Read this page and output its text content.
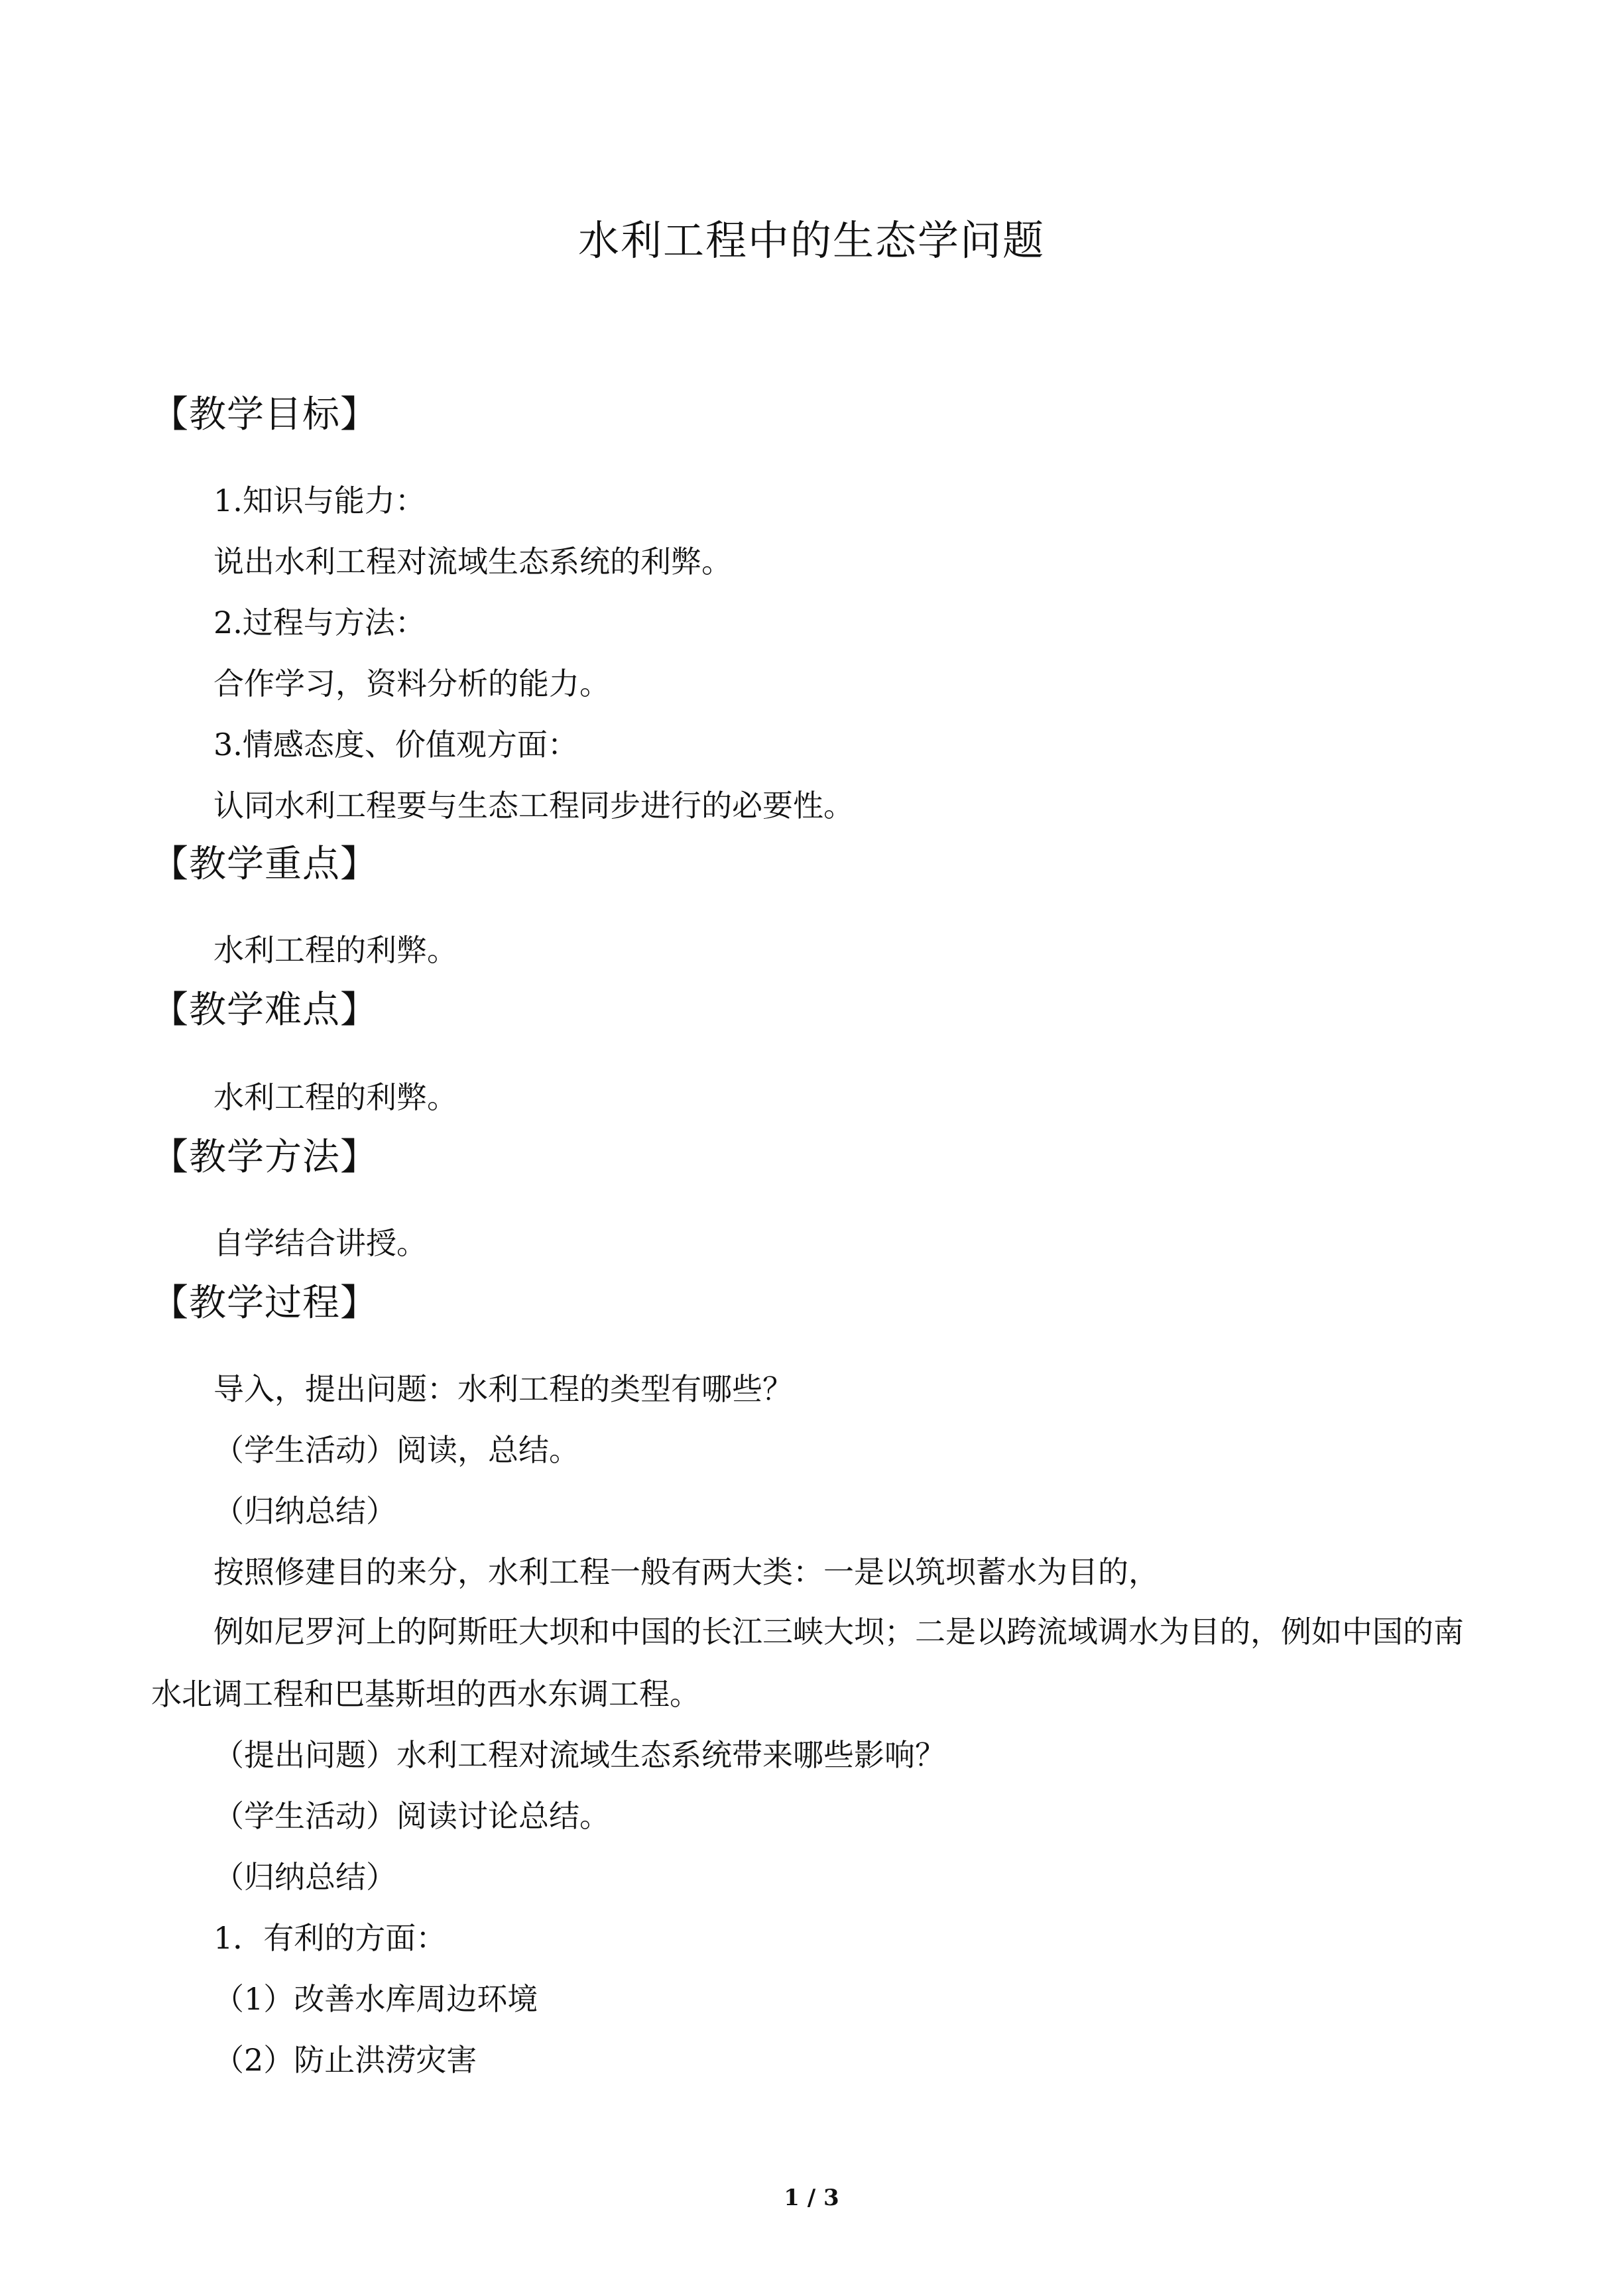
水利工程中的生态学问题
【教学目标】
1.知识与能力：
说出水利工程对流域生态系统的利弊。
2.过程与方法：
合作学习，资料分析的能力。
3.情感态度、价值观方面：
认同水利工程要与生态工程同步进行的必要性。
【教学重点】
水利工程的利弊。
【教学难点】
水利工程的利弊。
【教学方法】
自学结合讲授。
【教学过程】
导入，提出问题：水利工程的类型有哪些？
（学生活动）阅读，总结。
（归纳总结）
按照修建目的来分，水利工程一般有两大类：一是以筑坝蓄水为目的，
例如尼罗河上的阿斯旺大坝和中国的长江三峡大坝；二是以跨流域调水为目的，例如中国的南水北调工程和巴基斯坦的西水东调工程。
（提出问题）水利工程对流域生态系统带来哪些影响？
（学生活动）阅读讨论总结。
（归纳总结）
1．有利的方面：
（1）改善水库周边环境
（2）防止洪涝灾害
1 / 3
